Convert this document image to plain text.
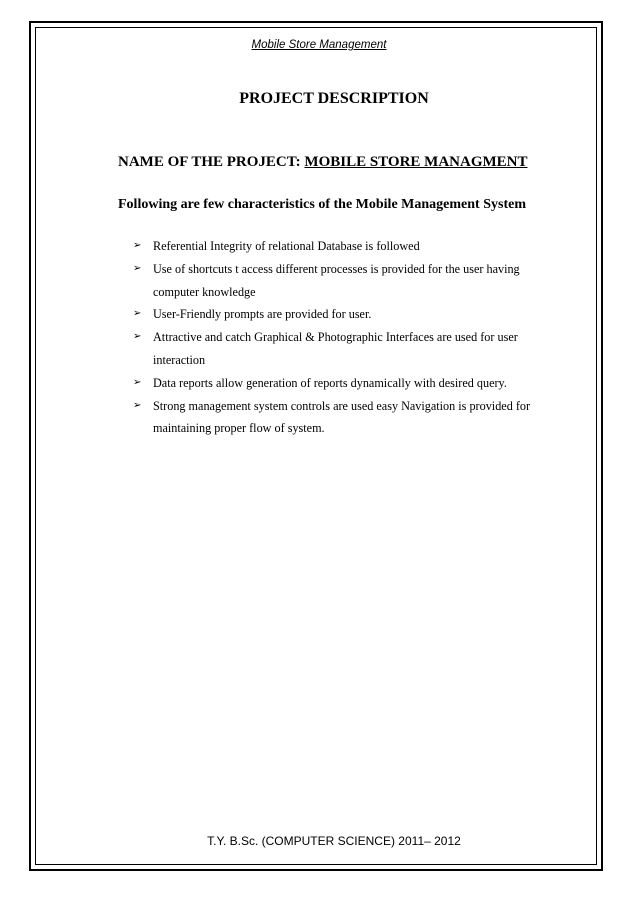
Mobile Store Management
PROJECT DESCRIPTION
NAME OF THE PROJECT: MOBILE STORE MANAGMENT
Following are few characteristics of the Mobile Management System
➢ Referential Integrity of relational Database is followed
➢ Use of shortcuts t access different processes is provided for the user having computer knowledge
➢ User-Friendly prompts are provided for user.
➢ Attractive and catch Graphical & Photographic Interfaces are used for user interaction
➢ Data reports allow generation of reports dynamically with desired query.
➢ Strong management system controls are used easy Navigation is provided for maintaining proper flow of system.
T.Y. B.Sc. (COMPUTER SCIENCE) 2011– 2012
